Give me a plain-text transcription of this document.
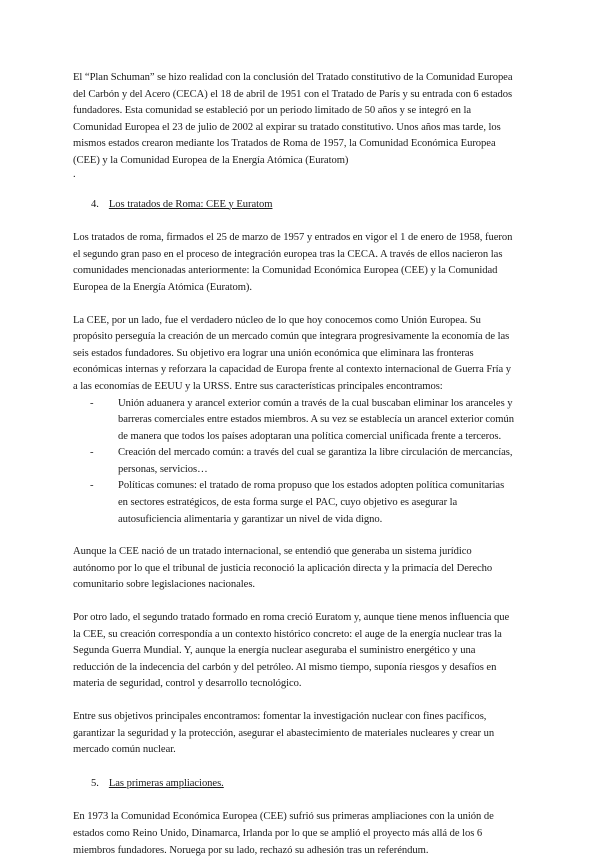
El “Plan Schuman” se hizo realidad con la conclusión del Tratado constitutivo de la Comunidad Europea del Carbón y del Acero (CECA) el 18 de abril de 1951 con el Tratado de París y su entrada con 6 estados fundadores. Esta comunidad se estableció por un periodo limitado de 50 años y se integró en la Comunidad Europea el 23 de julio de 2002 al expirar su tratado constitutivo. Unos años mas tarde, los mismos estados crearon mediante los Tratados de Roma de 1957, la Comunidad Económica Europea (CEE) y la Comunidad Europea de la Energía Atómica (Euratom)

.

4. Los tratados de Roma: CEE y Euratom

Los tratados de roma, firmados el 25 de marzo de 1957 y entrados en vigor el 1 de enero de 1958, fueron el segundo gran paso en el proceso de integración europea tras la CECA. A través de ellos nacieron las comunidades mencionadas anteriormente: la Comunidad Económica Europea (CEE) y la Comunidad Europea de la Energía Atómica (Euratom).

La CEE, por un lado, fue el verdadero núcleo de lo que hoy conocemos como Unión Europea. Su propósito perseguía la creación de un mercado común que integrara progresivamente la economía de las seis estados fundadores. Su objetivo era lograr una unión económica que eliminara las fronteras económicas internas y reforzara la capacidad de Europa frente al contexto internacional de Guerra Fría y a las economías de EEUU y la URSS. Entre sus características principales encontramos:

-	Unión aduanera y arancel exterior común a través de la cual buscaban eliminar los aranceles y barreras comerciales entre estados miembros. A su vez se establecía un arancel exterior común de manera que todos los países adoptaran una política comercial unificada frente a terceros.
-	Creación del mercado común: a través del cual se garantiza la libre circulación de mercancías, personas, servicios…
-	Políticas comunes: el tratado de roma propuso que los estados adopten política comunitarias en sectores estratégicos, de esta forma surge el PAC, cuyo objetivo es asegurar la autosuficiencia alimentaria y garantizar un nivel de vida digno.

Aunque la CEE nació de un tratado internacional, se entendió que generaba un sistema jurídico autónomo por lo que el tribunal de justicia reconoció la aplicación directa y la primacía del Derecho comunitario sobre legislaciones nacionales.

Por otro lado, el segundo tratado formado en roma creció Euratom y, aunque tiene menos influencia que la CEE, su creación correspondía a un contexto histórico concreto: el auge de la energía nuclear tras la Segunda Guerra Mundial. Y, aunque la energía nuclear aseguraba el suministro energético y una reducción de la indecencia del carbón y del petróleo. Al mismo tiempo, suponía riesgos y desafíos en materia de seguridad, control y desarrollo tecnológico.

Entre sus objetivos principales encontramos: fomentar la investigación nuclear con fines pacíficos, garantizar la seguridad y la protección, asegurar el abastecimiento de materiales nucleares y crear un mercado común nuclear.

5. Las primeras ampliaciones.

En 1973 la Comunidad Económica Europea (CEE) sufrió sus primeras ampliaciones con la unión de estados como Reino Unido, Dinamarca, Irlanda por lo que se amplió el proyecto más allá de los 6 miembros fundadores. Noruega por su lado, rechazó su adhesión tras un referéndum.
